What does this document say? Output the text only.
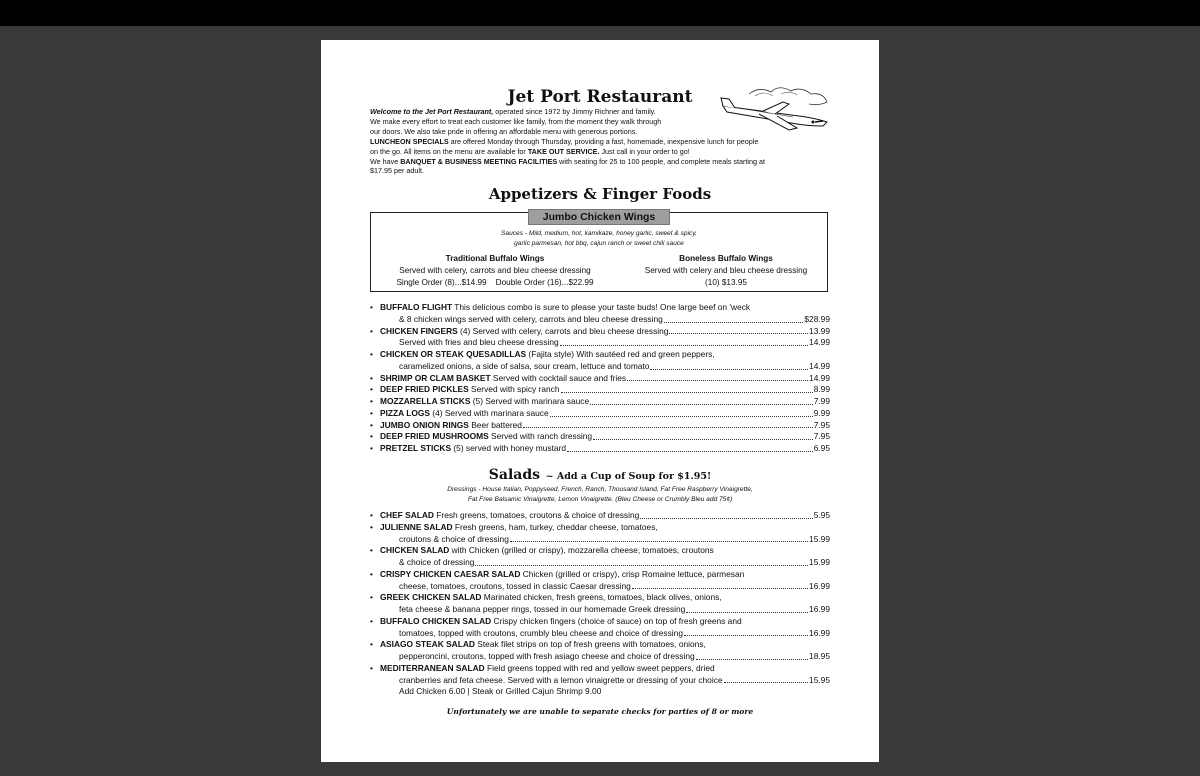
Jet Port Restaurant
Welcome to the Jet Port Restaurant, operated since 1972 by Jimmy Richner and family.
We make every effort to treat each customer like family, from the moment they walk through
our doors. We also take pride in offering an affordable menu with generous portions.
LUNCHEON SPECIALS are offered Monday through Thursday, providing a fast, homemade, inexpensive lunch for people
on the go. All items on the menu are available for TAKE OUT SERVICE. Just call in your order to go!
We have BANQUET & BUSINESS MEETING FACILITIES with seating for 25 to 100 people, and complete meals starting at
$17.95 per adult.
Appetizers & Finger Foods
Jumbo Chicken Wings
Sauces - Mild, medium, hot, kamikaze, honey garlic, sweet & spicy,
garlic parmesan, hot bbq, cajun ranch or sweet chili sauce
Traditional Buffalo Wings
Served with celery, carrots and bleu cheese dressing
Single Order (8)...$14.99    Double Order (16)...$22.99
Boneless Buffalo Wings
Served with celery and bleu cheese dressing
(10) $13.95
• BUFFALO FLIGHT This delicious combo is sure to please your taste buds! One large beef on 'weck
& 8 chicken wings served with celery, carrots and bleu cheese dressing	$28.99
• CHICKEN FINGERS (4) Served with celery, carrots and bleu cheese dressing	13.99
Served with fries and bleu cheese dressing	14.99
• CHICKEN OR STEAK QUESADILLAS (Fajita style) With sautéed red and green peppers,
caramelized onions, a side of salsa, sour cream, lettuce and tomato	14.99
• SHRIMP OR CLAM BASKET Served with cocktail sauce and fries	14.99
• DEEP FRIED PICKLES Served with spicy ranch	8.99
• MOZZARELLA STICKS (5) Served with marinara sauce	7.99
• PIZZA LOGS (4) Served with marinara sauce	9.99
• JUMBO ONION RINGS Beer battered	7.95
• DEEP FRIED MUSHROOMS Served with ranch dressing	7.95
• PRETZEL STICKS (5) served with honey mustard	6.95
Salads ~ Add a Cup of Soup for $1.95!
Dressings - House Italian, Poppyseed, French, Ranch, Thousand Island, Fat Free Raspberry Vinaigrette,
Fat Free Balsamic Vinaigrette, Lemon Vinaigrette. (Bleu Cheese or Crumbly Bleu add 75¢)
• CHEF SALAD Fresh greens, tomatoes, croutons & choice of dressing	5.95
• JULIENNE SALAD Fresh greens, ham, turkey, cheddar cheese, tomatoes,
croutons & choice of dressing	15.99
• CHICKEN SALAD with Chicken (grilled or crispy), mozzarella cheese, tomatoes, croutons
& choice of dressing	15.99
• CRISPY CHICKEN CAESAR SALAD Chicken (grilled or crispy), crisp Romaine lettuce, parmesan
cheese, tomatoes, croutons, tossed in classic Caesar dressing	16.99
• GREEK CHICKEN SALAD Marinated chicken, fresh greens, tomatoes, black olives, onions,
feta cheese & banana pepper rings, tossed in our homemade Greek dressing	16.99
• BUFFALO CHICKEN SALAD Crispy chicken fingers (choice of sauce) on top of fresh greens and
tomatoes, topped with croutons, crumbly bleu cheese and choice of dressing	16.99
• ASIAGO STEAK SALAD Steak filet strips on top of fresh greens with tomatoes, onions,
pepperoncini, croutons, topped with fresh asiago cheese and choice of dressing	18.95
• MEDITERRANEAN SALAD Field greens topped with red and yellow sweet peppers, dried
cranberries and feta cheese. Served with a lemon vinaigrette or dressing of your choice	15.95
Add Chicken 6.00 | Steak or Grilled Cajun Shrimp 9.00
Unfortunately we are unable to separate checks for parties of 8 or more
